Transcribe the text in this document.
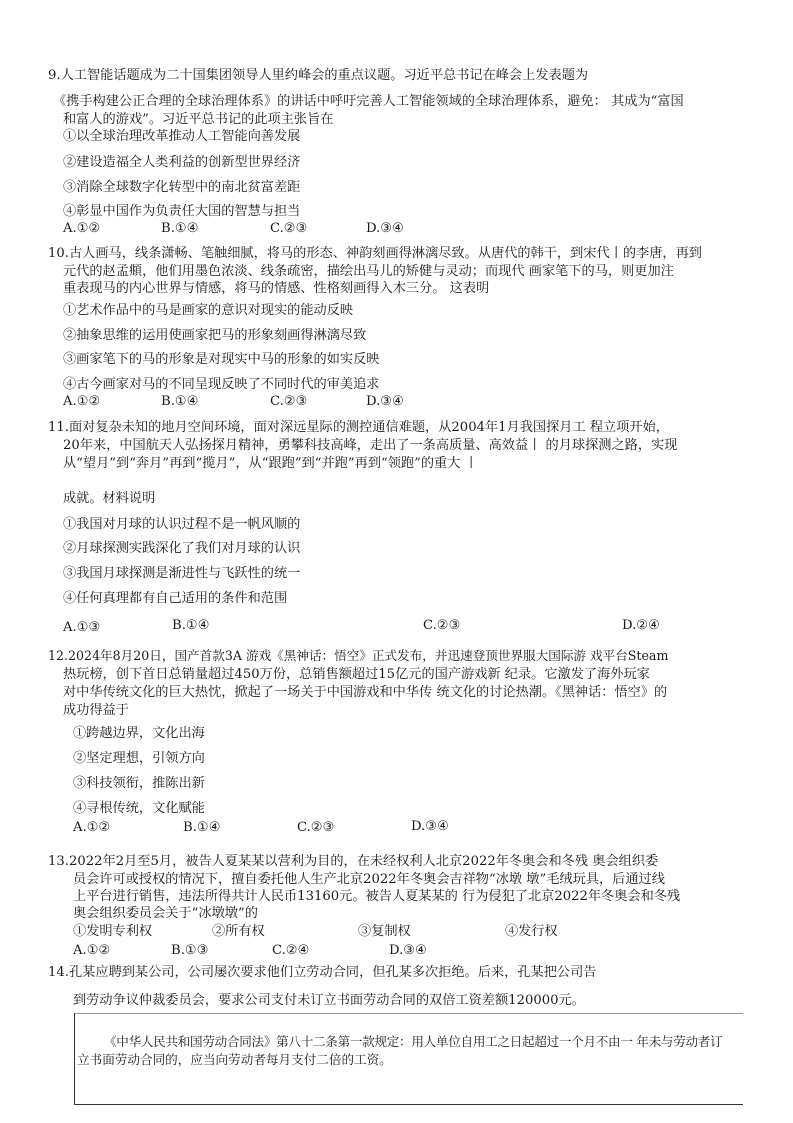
9.人工智能话题成为二十国集团领导人里约峰会的重点议题。习近平总书记在峰会上发表题为
《携手构建公正合理的全球治理体系》的讲话中呼吁完善人工智能领域的全球治理体系，避免： 其成为“富国
和富人的游戏”。习近平总书记的此项主张旨在
①以全球治理改革推动人工智能向善发展
②建设造福全人类利益的创新型世界经济
③消除全球数字化转型中的南北贫富差距
④彰显中国作为负责任大国的智慧与担当
A.①②	B.①④	C.②③	D.③④
10.古人画马，线条潇畅、笔触细腻，将马的形态、神韵刻画得淋漓尽致。从唐代的韩干，到宋代丨的李唐，再到
元代的赵孟頫，他们用墨色浓淡、线条疏密，描绘出马儿的矫健与灵动；而现代 画家笔下的马，则更加注
重表现马的内心世界与情感，将马的情感、性格刻画得入木三分。 这表明
①艺术作品中的马是画家的意识对现实的能动反映
②抽象思维的运用使画家把马的形象刻画得淋漓尽致
③画家笔下的马的形象是对现实中马的形象的如实反映
④古今画家对马的不同呈现反映了不同时代的审美追求
A.①②	B.①④	C.②③	D.③④
11.面对复杂未知的地月空间环境，面对深远星际的测控通信难题，从2004年1月我国探月工 程立项开始，
20年来，中国航天人弘扬探月精神，勇攀科技高峰，走出了一条高质量、高效益丨 的月球探测之路，实现
从“望月”到“奔月”再到“揽月”，从“跟跑”到“并跑”再到“领跑”的重大 丨
成就。材料说明
①我国对月球的认识过程不是一帆风顺的
②月球探测实践深化了我们对月球的认识
③我国月球探测是渐进性与飞跃性的统一
④任何真理都有自己适用的条件和范围
A.①③	B.①④	C.②③	D.②④
12.2024年8月20日，国产首款3A 游戏《黑神话：悟空》正式发布，并迅速登顶世界服大国际游 戏平台Steam
热玩榜，创下首日总销量超过450万份，总销售额超过15亿元的国产游戏新 纪录。它激发了海外玩家
对中华传统文化的巨大热忱，掀起了一场关于中国游戏和中华传 统文化的讨论热潮。《黑神话：悟空》的
成功得益于
①跨越边界，文化出海
②坚定理想，引领方向
③科技领衔，推陈出新
④寻根传统，文化赋能
A.①②	B.①④	C.②③	D.③④
13.2022年2月至5月，被告人夏某某以营利为目的，在未经权利人北京2022年冬奥会和冬残 奥会组织委
员会许可或授权的情况下，擅自委托他人生产北京2022年冬奥会吉祥物“冰墩 墩”毛绒玩具，后通过线
上平台进行销售，违法所得共计人民币13160元。被告人夏某某的 行为侵犯了北京2022年冬奥会和冬残
奥会组织委员会关于“冰墩墩”的
①发明专利权	②所有权	③复制权	④发行权
A.①②	B.①③	C.②④	D.③④
14.孔某应聘到某公司，公司屡次要求他们立劳动合同，但孔某多次拒绝。后来，孔某把公司告
到劳动争议仲裁委员会，要求公司支付未订立书面劳动合同的双倍工资差额120000元。
《中华人民共和国劳动合同法》第八十二条第一款规定：用人单位自用工之日起超过一个月不由一 年未与劳动者订
立书面劳动合同的，应当向劳动者每月支付二倍的工资。
